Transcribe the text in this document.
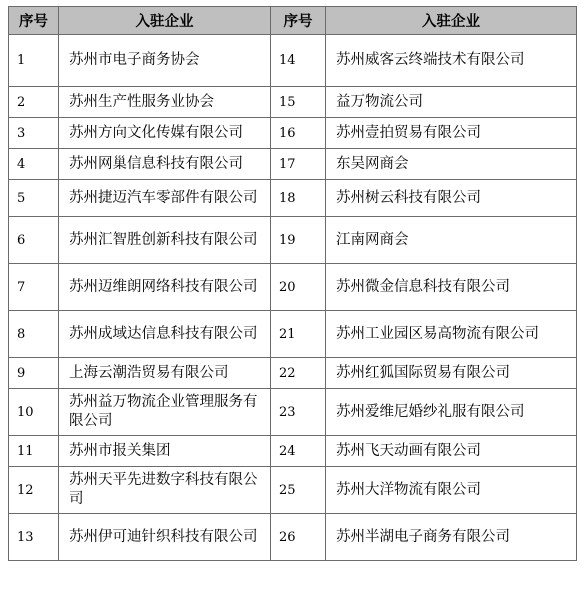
序号	入驻企业	序号	入驻企业
1	苏州市电子商务协会	14	苏州威客云终端技术有限公司
2	苏州生产性服务业协会	15	益万物流公司
3	苏州方向文化传媒有限公司	16	苏州壹拍贸易有限公司
4	苏州网巢信息科技有限公司	17	东吴网商会
5	苏州捷迈汽车零部件有限公司	18	苏州树云科技有限公司
6	苏州汇智胜创新科技有限公司	19	江南网商会
7	苏州迈维朗网络科技有限公司	20	苏州微金信息科技有限公司
8	苏州成域达信息科技有限公司	21	苏州工业园区易高物流有限公司
9	上海云潮浩贸易有限公司	22	苏州红狐国际贸易有限公司
10	苏州益万物流企业管理服务有限公司	23	苏州爱维尼婚纱礼服有限公司
11	苏州市报关集团	24	苏州飞天动画有限公司
12	苏州天平先进数字科技有限公司	25	苏州大洋物流有限公司
13	苏州伊可迪针织科技有限公司	26	苏州半湖电子商务有限公司
